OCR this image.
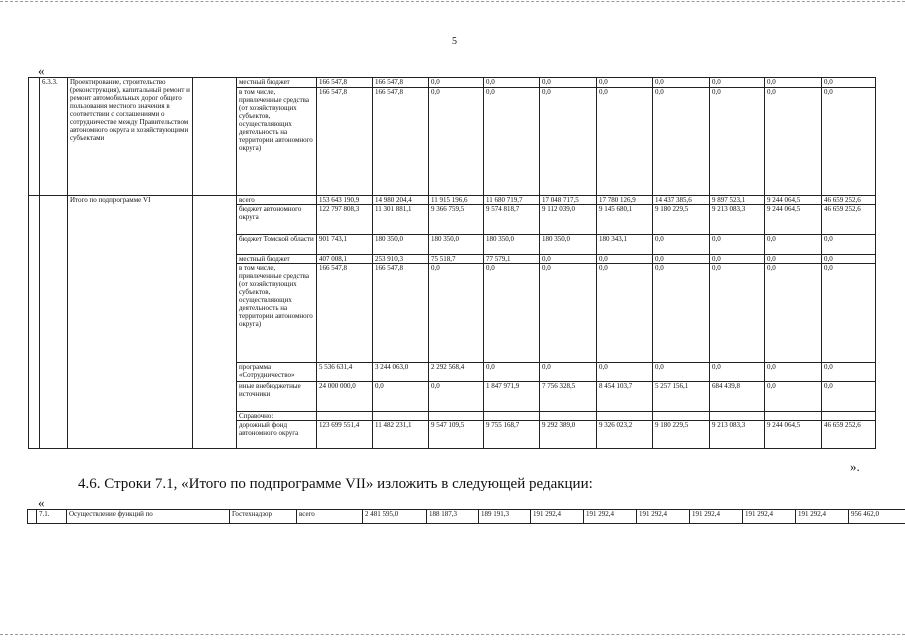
5
«
	6.3.3.	Проектирование, строительство (реконструкция), капитальный ремонт и ремонт автомобильных дорог общего пользования местного значения в соответствии с соглашениями о сотрудничестве между Правительством автономного округа и хозяйствующими субъектами		местный бюджет	166 547,8	166 547,8	0,0	0,0	0,0	0,0	0,0	0,0	0,0	0,0
				в том числе, привлеченные средства (от хозяйствующих субъектов, осуществляющих деятельность на территории автономного округа)	166 547,8	166 547,8	0,0	0,0	0,0	0,0	0,0	0,0	0,0	0,0
		Итого по подпрограмме VI		всего	153 643 190,9	14 980 204,4	11 915 196,6	11 680 719,7	17 048 717,5	17 780 126,9	14 437 385,6	9 897 523,1	9 244 064,5	46 659 252,6
				бюджет автономного округа	122 797 808,3	11 301 881,1	9 366 759,5	9 574 818,7	9 112 039,0	9 145 680,1	9 180 229,5	9 213 083,3	9 244 064,5	46 659 252,6
				бюджет Томской области	901 743,1	180 350,0	180 350,0	180 350,0	180 350,0	180 343,1	0,0	0,0	0,0	0,0
				местный бюджет	407 008,1	253 910,3	75 518,7	77 579,1	0,0	0,0	0,0	0,0	0,0	0,0
				в том числе, привлеченные средства (от хозяйствующих субъектов, осуществляющих деятельность на территории автономного округа)	166 547,8	166 547,8	0,0	0,0	0,0	0,0	0,0	0,0	0,0	0,0
				программа «Сотрудничество»	5 536 631,4	3 244 063,0	2 292 568,4	0,0	0,0	0,0	0,0	0,0	0,0	0,0
				иные внебюджетные источники	24 000 000,0	0,0	0,0	1 847 971,9	7 756 328,5	8 454 103,7	5 257 156,1	684 439,8	0,0	0,0
				Справочно:										
				дорожный фонд автономного округа	123 699 551,4	11 482 231,1	9 547 109,5	9 755 168,7	9 292 389,0	9 326 023,2	9 180 229,5	9 213 083,3	9 244 064,5	46 659 252,6
».
4.6. Строки 7.1, «Итого по подпрограмме VII» изложить в следующей редакции:
«
	7.1.	Осуществление функций по	Гостехнадзор	всего	2 481 595,0	188 187,3	189 191,3	191 292,4	191 292,4	191 292,4	191 292,4	191 292,4	191 292,4	956 462,0
